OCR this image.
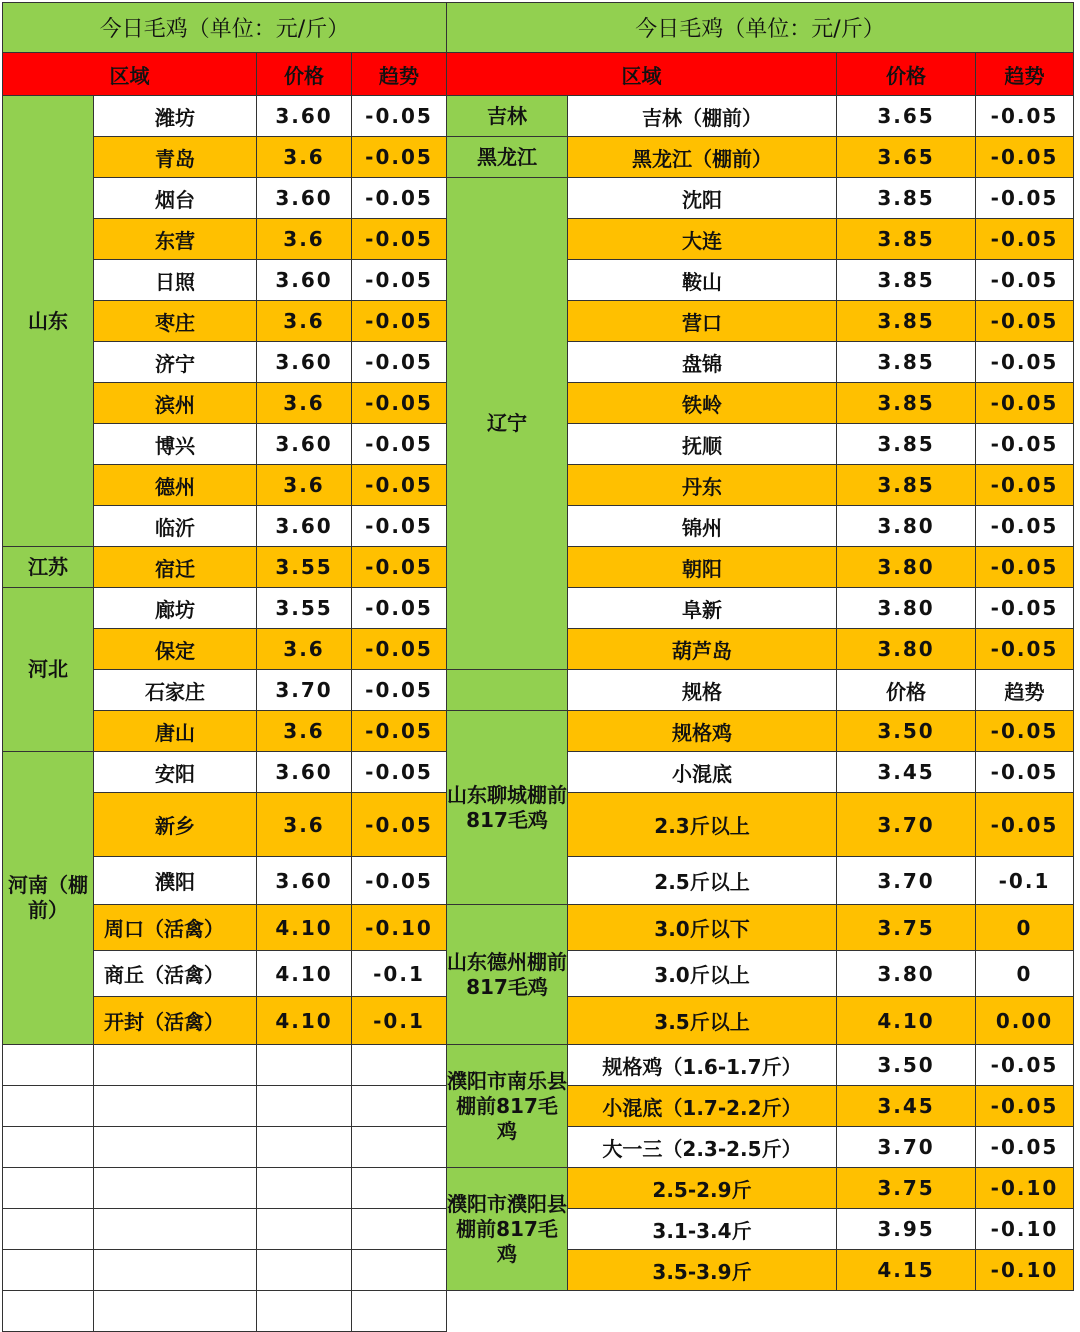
今日毛鸡（单位：元/斤）				今日毛鸡（单位：元/斤）			
区域		价格	趋势	区域		价格	趋势
山东	潍坊	3.60	-0.05	吉林	吉林（棚前）	3.65	-0.05
	青岛	3.6	-0.05	黑龙江	黑龙江（棚前）	3.65	-0.05
	烟台	3.60	-0.05	辽宁	沈阳	3.85	-0.05
	东营	3.6	-0.05		大连	3.85	-0.05
	日照	3.60	-0.05		鞍山	3.85	-0.05
	枣庄	3.6	-0.05		营口	3.85	-0.05
	济宁	3.60	-0.05		盘锦	3.85	-0.05
	滨州	3.6	-0.05		铁岭	3.85	-0.05
	博兴	3.60	-0.05		抚顺	3.85	-0.05
	德州	3.6	-0.05		丹东	3.85	-0.05
	临沂	3.60	-0.05		锦州	3.80	-0.05
江苏	宿迁	3.55	-0.05		朝阳	3.80	-0.05
河北	廊坊	3.55	-0.05		阜新	3.80	-0.05
	保定	3.6	-0.05		葫芦岛	3.80	-0.05
	石家庄	3.70	-0.05		规格	价格	趋势
	唐山	3.6	-0.05	山东聊城棚前817毛鸡	规格鸡	3.50	-0.05
河南（棚前）	安阳	3.60	-0.05		小混底	3.45	-0.05
	新乡	3.6	-0.05		2.3斤以上	3.70	-0.05
	濮阳	3.60	-0.05		2.5斤以上	3.70	-0.1
	周口（活禽）	4.10	-0.10	山东德州棚前817毛鸡	3.0斤以下	3.75	0
	商丘（活禽）	4.10	-0.1		3.0斤以上	3.80	0
	开封（活禽）	4.10	-0.1		3.5斤以上	4.10	0.00
				濮阳市南乐县棚前817毛鸡	规格鸡（1.6-1.7斤）	3.50	-0.05
					小混底（1.7-2.2斤）	3.45	-0.05
					大一三（2.3-2.5斤）	3.70	-0.05
				濮阳市濮阳县棚前817毛鸡	2.5-2.9斤	3.75	-0.10
					3.1-3.4斤	3.95	-0.10
					3.5-3.9斤	4.15	-0.10
